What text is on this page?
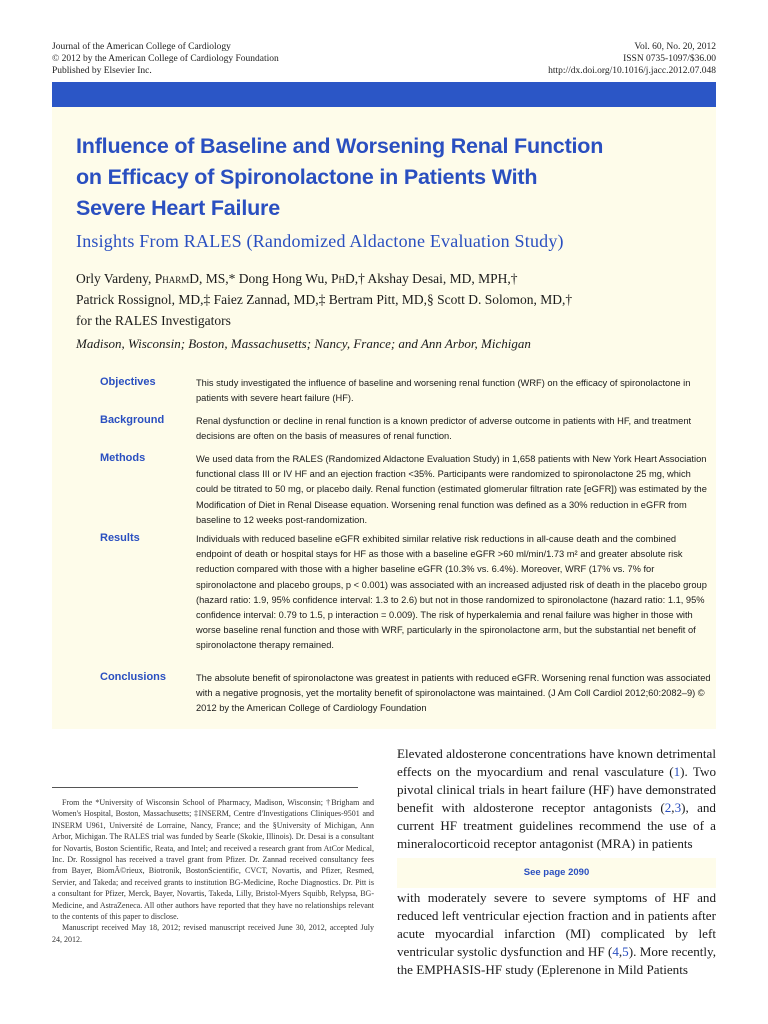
Journal of the American College of Cardiology
© 2012 by the American College of Cardiology Foundation
Published by Elsevier Inc.
Vol. 60, No. 20, 2012
ISSN 0735-1097/$36.00
http://dx.doi.org/10.1016/j.jacc.2012.07.048
Influence of Baseline and Worsening Renal Function
on Efficacy of Spironolactone in Patients With
Severe Heart Failure
Insights From RALES (Randomized Aldactone Evaluation Study)
Orly Vardeny, PharmD, MS,* Dong Hong Wu, PhD,† Akshay Desai, MD, MPH,†
Patrick Rossignol, MD,‡ Faiez Zannad, MD,‡ Bertram Pitt, MD,§ Scott D. Solomon, MD,†
for the RALES Investigators
Madison, Wisconsin; Boston, Massachusetts; Nancy, France; and Ann Arbor, Michigan
Objectives	This study investigated the influence of baseline and worsening renal function (WRF) on the efficacy of spironolactone in patients with severe heart failure (HF).
Background	Renal dysfunction or decline in renal function is a known predictor of adverse outcome in patients with HF, and treatment decisions are often on the basis of measures of renal function.
Methods	We used data from the RALES (Randomized Aldactone Evaluation Study) in 1,658 patients with New York Heart Association functional class III or IV HF and an ejection fraction <35%. Participants were randomized to spironolactone 25 mg, which could be titrated to 50 mg, or placebo daily. Renal function (estimated glomerular filtration rate [eGFR]) was estimated by the Modification of Diet in Renal Disease equation. Worsening renal function was defined as a 30% reduction in eGFR from baseline to 12 weeks post-randomization.
Results	Individuals with reduced baseline eGFR exhibited similar relative risk reductions in all-cause death and the combined endpoint of death or hospital stays for HF as those with a baseline eGFR >60 ml/min/1.73 m² and greater absolute risk reduction compared with those with a higher baseline eGFR (10.3% vs. 6.4%). Moreover, WRF (17% vs. 7% for spironolactone and placebo groups, p < 0.001) was associated with an increased adjusted risk of death in the placebo group (hazard ratio: 1.9, 95% confidence interval: 1.3 to 2.6) but not in those randomized to spironolactone (hazard ratio: 1.1, 95% confidence interval: 0.79 to 1.5, p interaction = 0.009). The risk of hyperkalemia and renal failure was higher in those with worse baseline renal function and those with WRF, particularly in the spironolactone arm, but the substantial net benefit of spironolactone therapy remained.
Conclusions	The absolute benefit of spironolactone was greatest in patients with reduced eGFR. Worsening renal function was associated with a negative prognosis, yet the mortality benefit of spironolactone was maintained. (J Am Coll Cardiol 2012;60:2082–9) © 2012 by the American College of Cardiology Foundation

From the *University of Wisconsin School of Pharmacy, Madison, Wisconsin; †Brigham and Women's Hospital, Boston, Massachusetts; ‡INSERM, Centre d'Investigations Cliniques-9501 and INSERM U961, Université de Lorraine, Nancy, France; and the §University of Michigan, Ann Arbor, Michigan. The RALES trial was funded by Searle (Skokie, Illinois). Dr. Desai is a consultant for Novartis, Boston Scientific, Reata, and Intel; and received a research grant from AtCor Medical, Inc. Dr. Rossignol has received a travel grant from Pfizer. Dr. Zannad received consultancy fees from Bayer, BiomÃ©rieux, Biotronik, BostonScientific, CVCT, Novartis, and Pfizer, Resmed, Servier, and Takeda; and received grants to institution BG-Medicine, Roche Diagnostics. Dr. Pitt is a consultant for Pfizer, Merck, Bayer, Novartis, Takeda, Lilly, Bristol-Myers Squibb, Relypsa, BG-Medicine, and AstraZeneca. All other authors have reported that they have no relationships relevant to the contents of this paper to disclose.

Manuscript received May 18, 2012; revised manuscript received June 30, 2012, accepted July 24, 2012.

Elevated aldosterone concentrations have known detrimental effects on the myocardium and renal vasculature (1). Two pivotal clinical trials in heart failure (HF) have demonstrated benefit with aldosterone receptor antagonists (2,3), and current HF treatment guidelines recommend the use of a mineralocorticoid receptor antagonist (MRA) in patients

See page 2090

with moderately severe to severe symptoms of HF and reduced left ventricular ejection fraction and in patients after acute myocardial infarction (MI) complicated by left ventricular systolic dysfunction and HF (4,5). More recently, the EMPHASIS-HF study (Eplerenone in Mild Patients
